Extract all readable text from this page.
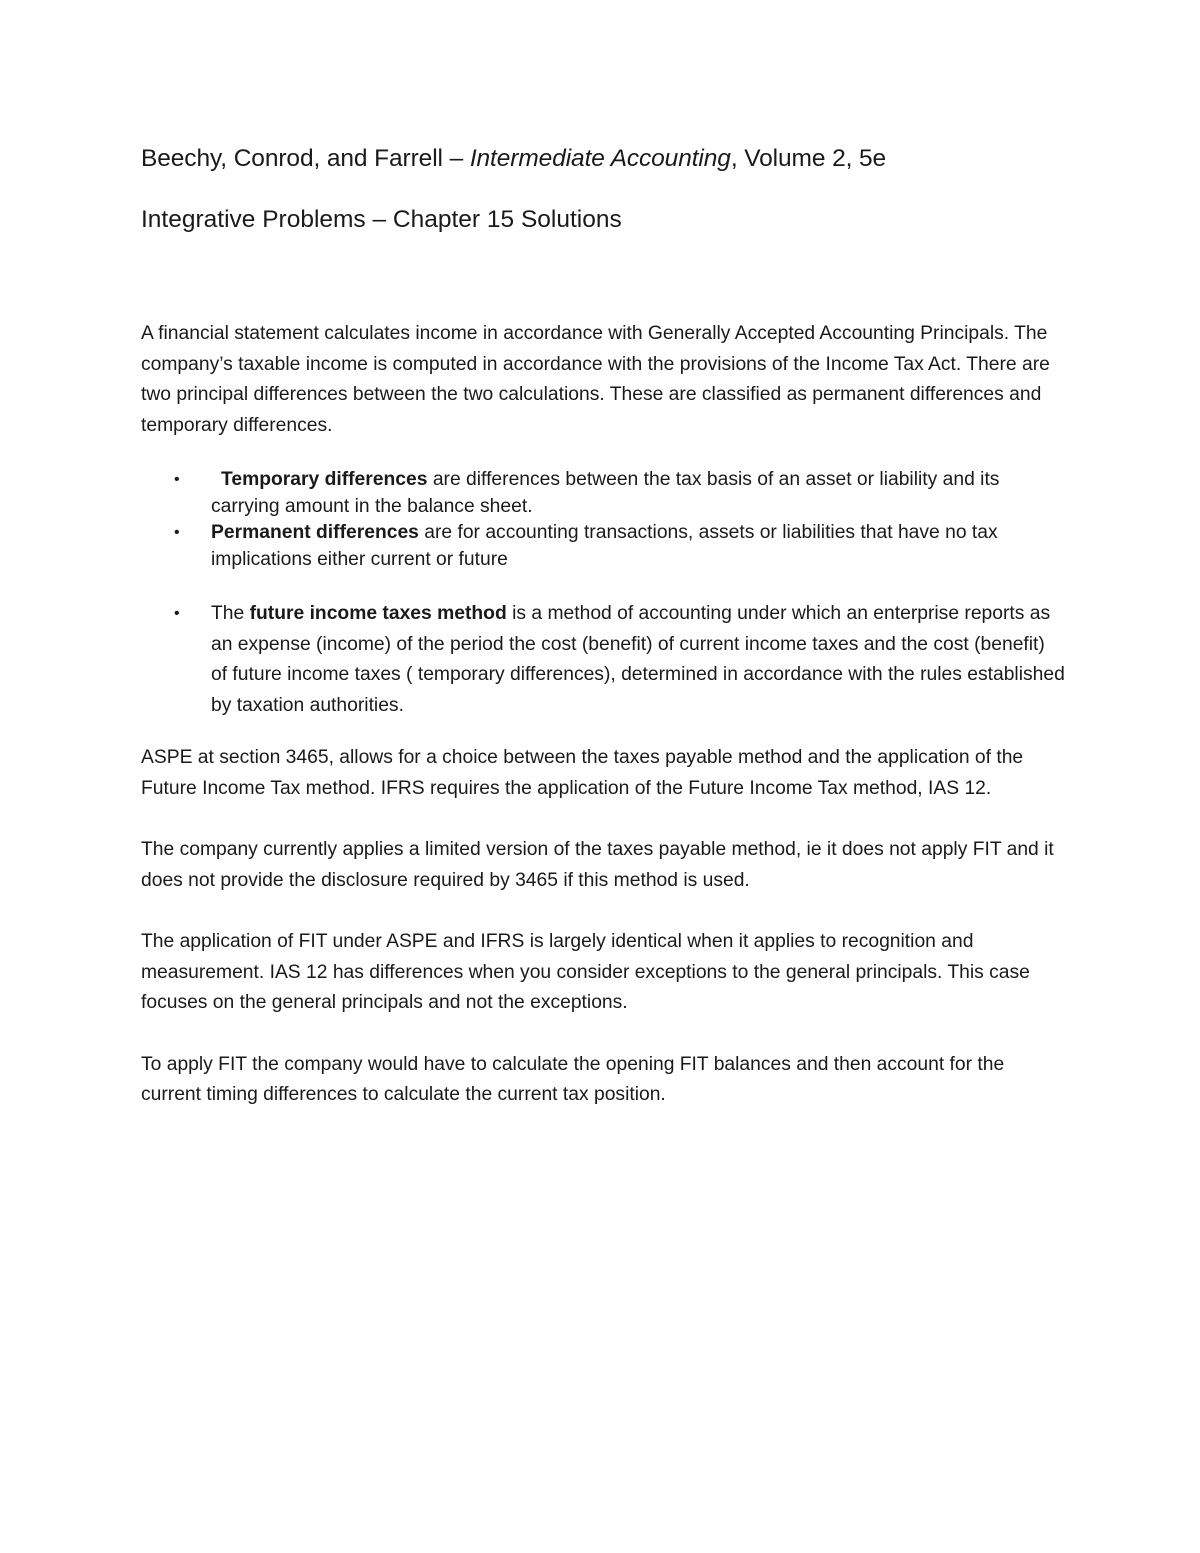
Beechy, Conrod, and Farrell – Intermediate Accounting, Volume 2, 5e
Integrative Problems – Chapter 15 Solutions

A financial statement calculates income in accordance with Generally Accepted Accounting Principals. The company’s taxable income is computed in accordance with the provisions of the Income Tax Act. There are two principal differences between the two calculations. These are classified as permanent differences and temporary differences.

• Temporary differences are differences between the tax basis of an asset or liability and its carrying amount in the balance sheet.
• Permanent differences are for accounting transactions, assets or liabilities that have no tax implications either current or future
• The future income taxes method is a method of accounting under which an enterprise reports as an expense (income) of the period the cost (benefit) of current income taxes and the cost (benefit) of future income taxes ( temporary differences), determined in accordance with the rules established by taxation authorities.

ASPE at section 3465, allows for a choice between the taxes payable method and the application of the Future Income Tax method. IFRS requires the application of the Future Income Tax method, IAS 12.

The company currently applies a limited version of the taxes payable method, ie it does not apply FIT and it does not provide the disclosure required by 3465 if this method is used.

The application of FIT under ASPE and IFRS is largely identical when it applies to recognition and measurement. IAS 12 has differences when you consider exceptions to the general principals. This case focuses on the general principals and not the exceptions.

To apply FIT the company would have to calculate the opening FIT balances and then account for the current timing differences to calculate the current tax position.
